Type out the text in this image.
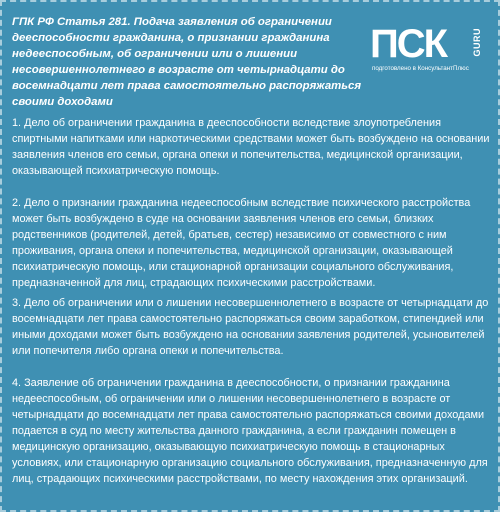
ГПК РФ Статья 281. Подача заявления об ограничении дееспособности гражданина, о признании гражданина недееспособным, об ограничении или о лишении несовершеннолетнего в возрасте от четырнадцати до восемнадцати лет права самостоятельно распоряжаться своими доходами

ПСК	GURU
подготовлено в КонсультантПлюс

1. Дело об ограничении гражданина в дееспособности вследствие злоупотребления спиртными напитками или наркотическими средствами может быть возбуждено на основании заявления членов его семьи, органа опеки и попечительства, медицинской организации, оказывающей психиатрическую помощь.

2. Дело о признании гражданина недееспособным вследствие психического расстройства может быть возбуждено в суде на основании заявления членов его семьи, близких родственников (родителей, детей, братьев, сестер) независимо от совместного с ним проживания, органа опеки и попечительства, медицинской организации, оказывающей психиатрическую помощь, или стационарной организации социального обслуживания, предназначенной для лиц, страдающих психическими расстройствами.

3. Дело об ограничении или о лишении несовершеннолетнего в возрасте от четырнадцати до восемнадцати лет права самостоятельно распоряжаться своим заработком, стипендией или иными доходами может быть возбуждено на основании заявления родителей, усыновителей или попечителя либо органа опеки и попечительства.

4. Заявление об ограничении гражданина в дееспособности, о признании гражданина недееспособным, об ограничении или о лишении несовершеннолетнего в возрасте от четырнадцати до восемнадцати лет права самостоятельно распоряжаться своими доходами подается в суд по месту жительства данного гражданина, а если гражданин помещен в медицинскую организацию, оказывающую психиатрическую помощь в стационарных условиях, или стационарную организацию социального обслуживания, предназначенную для лиц, страдающих психическими расстройствами, по месту нахождения этих организаций.
